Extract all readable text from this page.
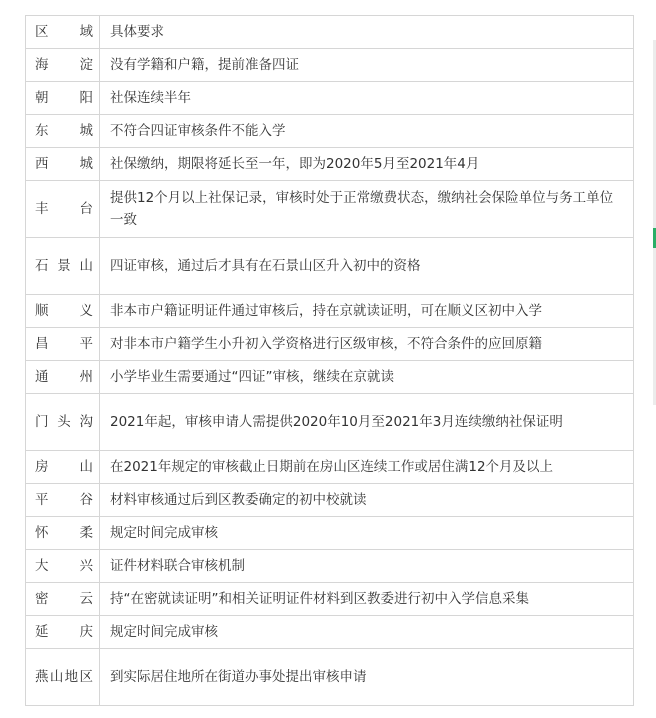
区域	具体要求
海淀	没有学籍和户籍，提前准备四证
朝阳	社保连续半年
东城	不符合四证审核条件不能入学
西城	社保缴纳，期限将延长至一年，即为2020年5月至2021年4月
丰台	提供12个月以上社保记录，审核时处于正常缴费状态，缴纳社会保险单位与务工单位一致
石景山	四证审核，通过后才具有在石景山区升入初中的资格
顺义	非本市户籍证明证件通过审核后，持在京就读证明，可在顺义区初中入学
昌平	对非本市户籍学生小升初入学资格进行区级审核，不符合条件的应回原籍
通州	小学毕业生需要通过“四证”审核，继续在京就读
门头沟	2021年起，审核申请人需提供2020年10月至2021年3月连续缴纳社保证明
房山	在2021年规定的审核截止日期前在房山区连续工作或居住满12个月及以上
平谷	材料审核通过后到区教委确定的初中校就读
怀柔	规定时间完成审核
大兴	证件材料联合审核机制
密云	持“在密就读证明”和相关证明证件材料到区教委进行初中入学信息采集
延庆	规定时间完成审核
燕山地区	到实际居住地所在街道办事处提出审核申请
